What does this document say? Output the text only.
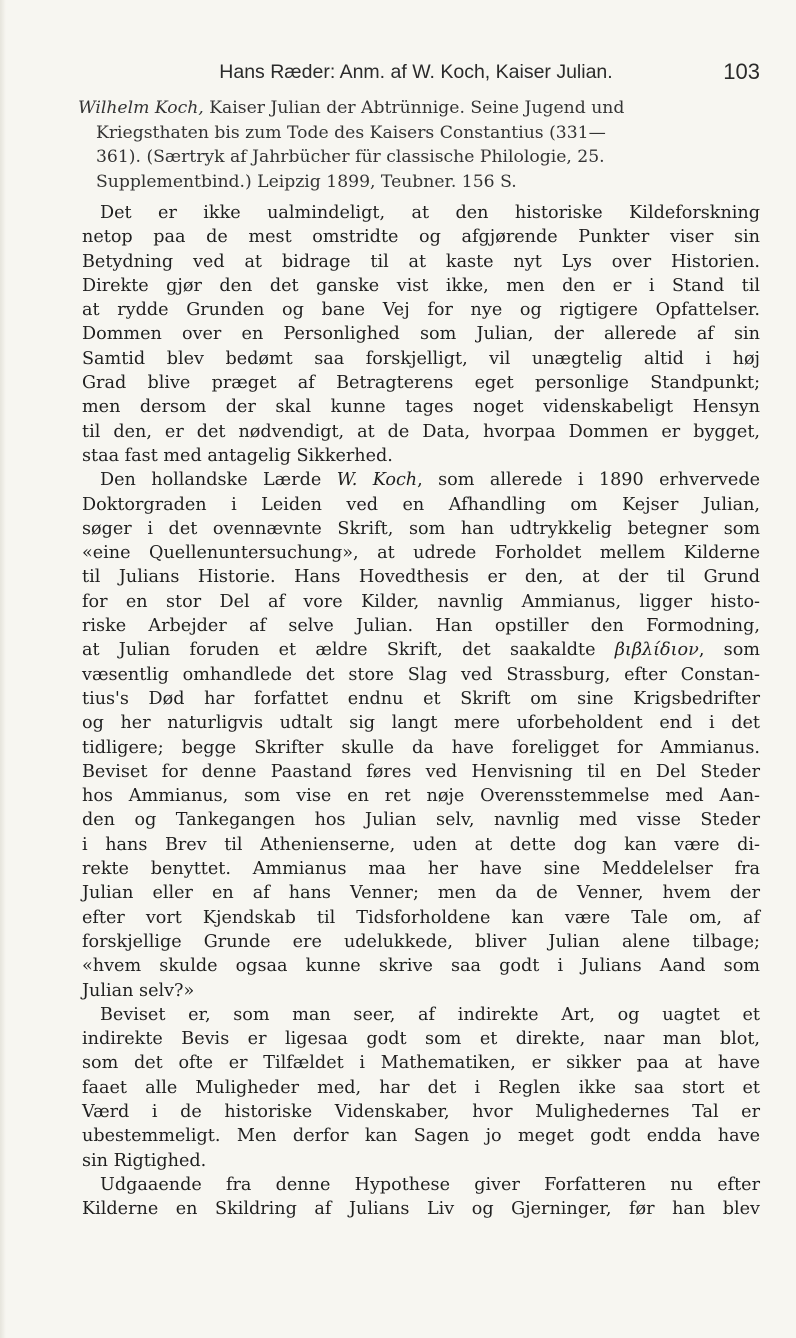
Hans Ræder: Anm. af W. Koch, Kaiser Julian.	103
Wilhelm Koch, Kaiser Julian der Abtrünnige. Seine Jugend und
Kriegsthaten bis zum Tode des Kaisers Constantius (331—
361). (Særtryk af Jahrbücher für classische Philologie, 25.
Supplementbind.) Leipzig 1899, Teubner. 156 S.

Det er ikke ualmindeligt, at den historiske Kildeforskning
netop paa de mest omstridte og afgjørende Punkter viser sin
Betydning ved at bidrage til at kaste nyt Lys over Historien.
Direkte gjør den det ganske vist ikke, men den er i Stand til
at rydde Grunden og bane Vej for nye og rigtigere Opfattelser.
Dommen over en Personlighed som Julian, der allerede af sin
Samtid blev bedømt saa forskjelligt, vil unægtelig altid i høj
Grad blive præget af Betragterens eget personlige Standpunkt;
men dersom der skal kunne tages noget videnskabeligt Hensyn
til den, er det nødvendigt, at de Data, hvorpaa Dommen er bygget,
staa fast med antagelig Sikkerhed.

Den hollandske Lærde W. Koch, som allerede i 1890 erhvervede
Doktorgraden i Leiden ved en Afhandling om Kejser Julian,
søger i det ovennævnte Skrift, som han udtrykkelig betegner som
«eine Quellenuntersuchung», at udrede Forholdet mellem Kilderne
til Julians Historie. Hans Hovedthesis er den, at der til Grund
for en stor Del af vore Kilder, navnlig Ammianus, ligger histo-
riske Arbejder af selve Julian. Han opstiller den Formodning,
at Julian foruden et ældre Skrift, det saakaldte βιβλίδιον, som
væsentlig omhandlede det store Slag ved Strassburg, efter Constan-
tius's Død har forfattet endnu et Skrift om sine Krigsbedrifter
og her naturligvis udtalt sig langt mere uforbeholdent end i det
tidligere; begge Skrifter skulle da have foreligget for Ammianus.
Beviset for denne Paastand føres ved Henvisning til en Del Steder
hos Ammianus, som vise en ret nøje Overensstemmelse med Aan-
den og Tankegangen hos Julian selv, navnlig med visse Steder
i hans Brev til Athenienserne, uden at dette dog kan være di-
rekte benyttet. Ammianus maa her have sine Meddelelser fra
Julian eller en af hans Venner; men da de Venner, hvem der
efter vort Kjendskab til Tidsforholdene kan være Tale om, af
forskjellige Grunde ere udelukkede, bliver Julian alene tilbage;
«hvem skulde ogsaa kunne skrive saa godt i Julians Aand som
Julian selv?»

Beviset er, som man seer, af indirekte Art, og uagtet et
indirekte Bevis er ligesaa godt som et direkte, naar man blot,
som det ofte er Tilfældet i Mathematiken, er sikker paa at have
faaet alle Muligheder med, har det i Reglen ikke saa stort et
Værd i de historiske Videnskaber, hvor Mulighedernes Tal er
ubestemmeligt. Men derfor kan Sagen jo meget godt endda have
sin Rigtighed.

Udgaaende fra denne Hypothese giver Forfatteren nu efter
Kilderne en Skildring af Julians Liv og Gjerninger, før han blev
